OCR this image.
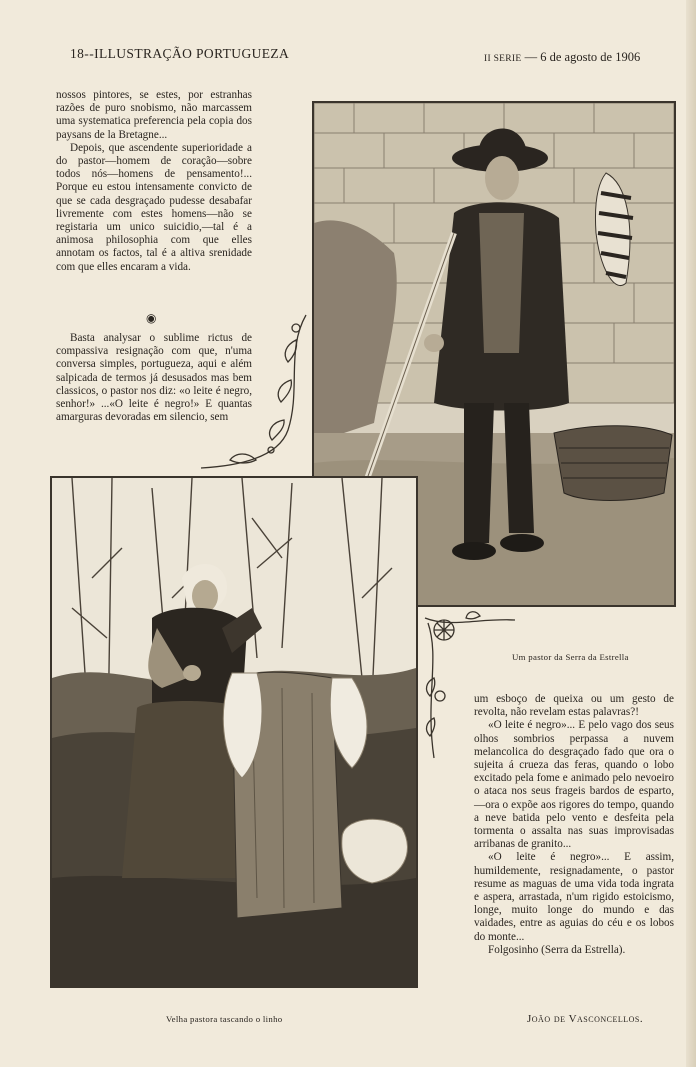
18--ILLUSTRAÇÃO PORTUGUEZA	II SERIE — 6 de agosto de 1906

nossos pintores, se estes, por estranhas razões de puro snobismo, não marcassem uma systematica preferencia pela copia dos paysans de la Bretagne...

Depois, que ascendente superioridade a do pastor—homem de coração—sobre todos nós—homens de pensamento!... Porque eu estou intensamente convicto de que se cada desgraçado pudesse desabafar livremente com estes homens—não se registaria um unico suicidio,—tal é a animosa philosophia com que elles annotam os factos, tal é a altiva srenidade com que elles encaram a vida.

◉

Basta analysar o sublime rictus de compassiva resignação com que, n'uma conversa simples, portugueza, aqui e além salpicada de termos já desusados mas bem classicos, o pastor nos diz: «o leite é negro, senhor!» ...«O leite é negro!» E quantas amarguras devoradas em silencio, sem

Um pastor da Serra da Estrella
Velha pastora tascando o linho

um esboço de queixa ou um gesto de revolta, não revelam estas palavras?!

«O leite é negro»... E pelo vago dos seus olhos sombrios perpassa a nuvem melancolica do desgraçado fado que ora o sujeita á crueza das feras, quando o lobo excitado pela fome e animado pelo nevoeiro o ataca nos seus frageis bardos de esparto,—ora o expõe aos rigores do tempo, quando a neve batida pelo vento e desfeita pela tormenta o assalta nas suas improvisadas arribanas de granito...

«O leite é negro»... E assim, humildemente, resignadamente, o pastor resume as maguas de uma vida toda ingrata e aspera, arrastada, n'um rigido estoicismo, longe, muito longe do mundo e das vaidades, entre as aguias do céu e os lobos do monte...

Folgosinho (Serra da Estrella).

João de Vasconcellos.
